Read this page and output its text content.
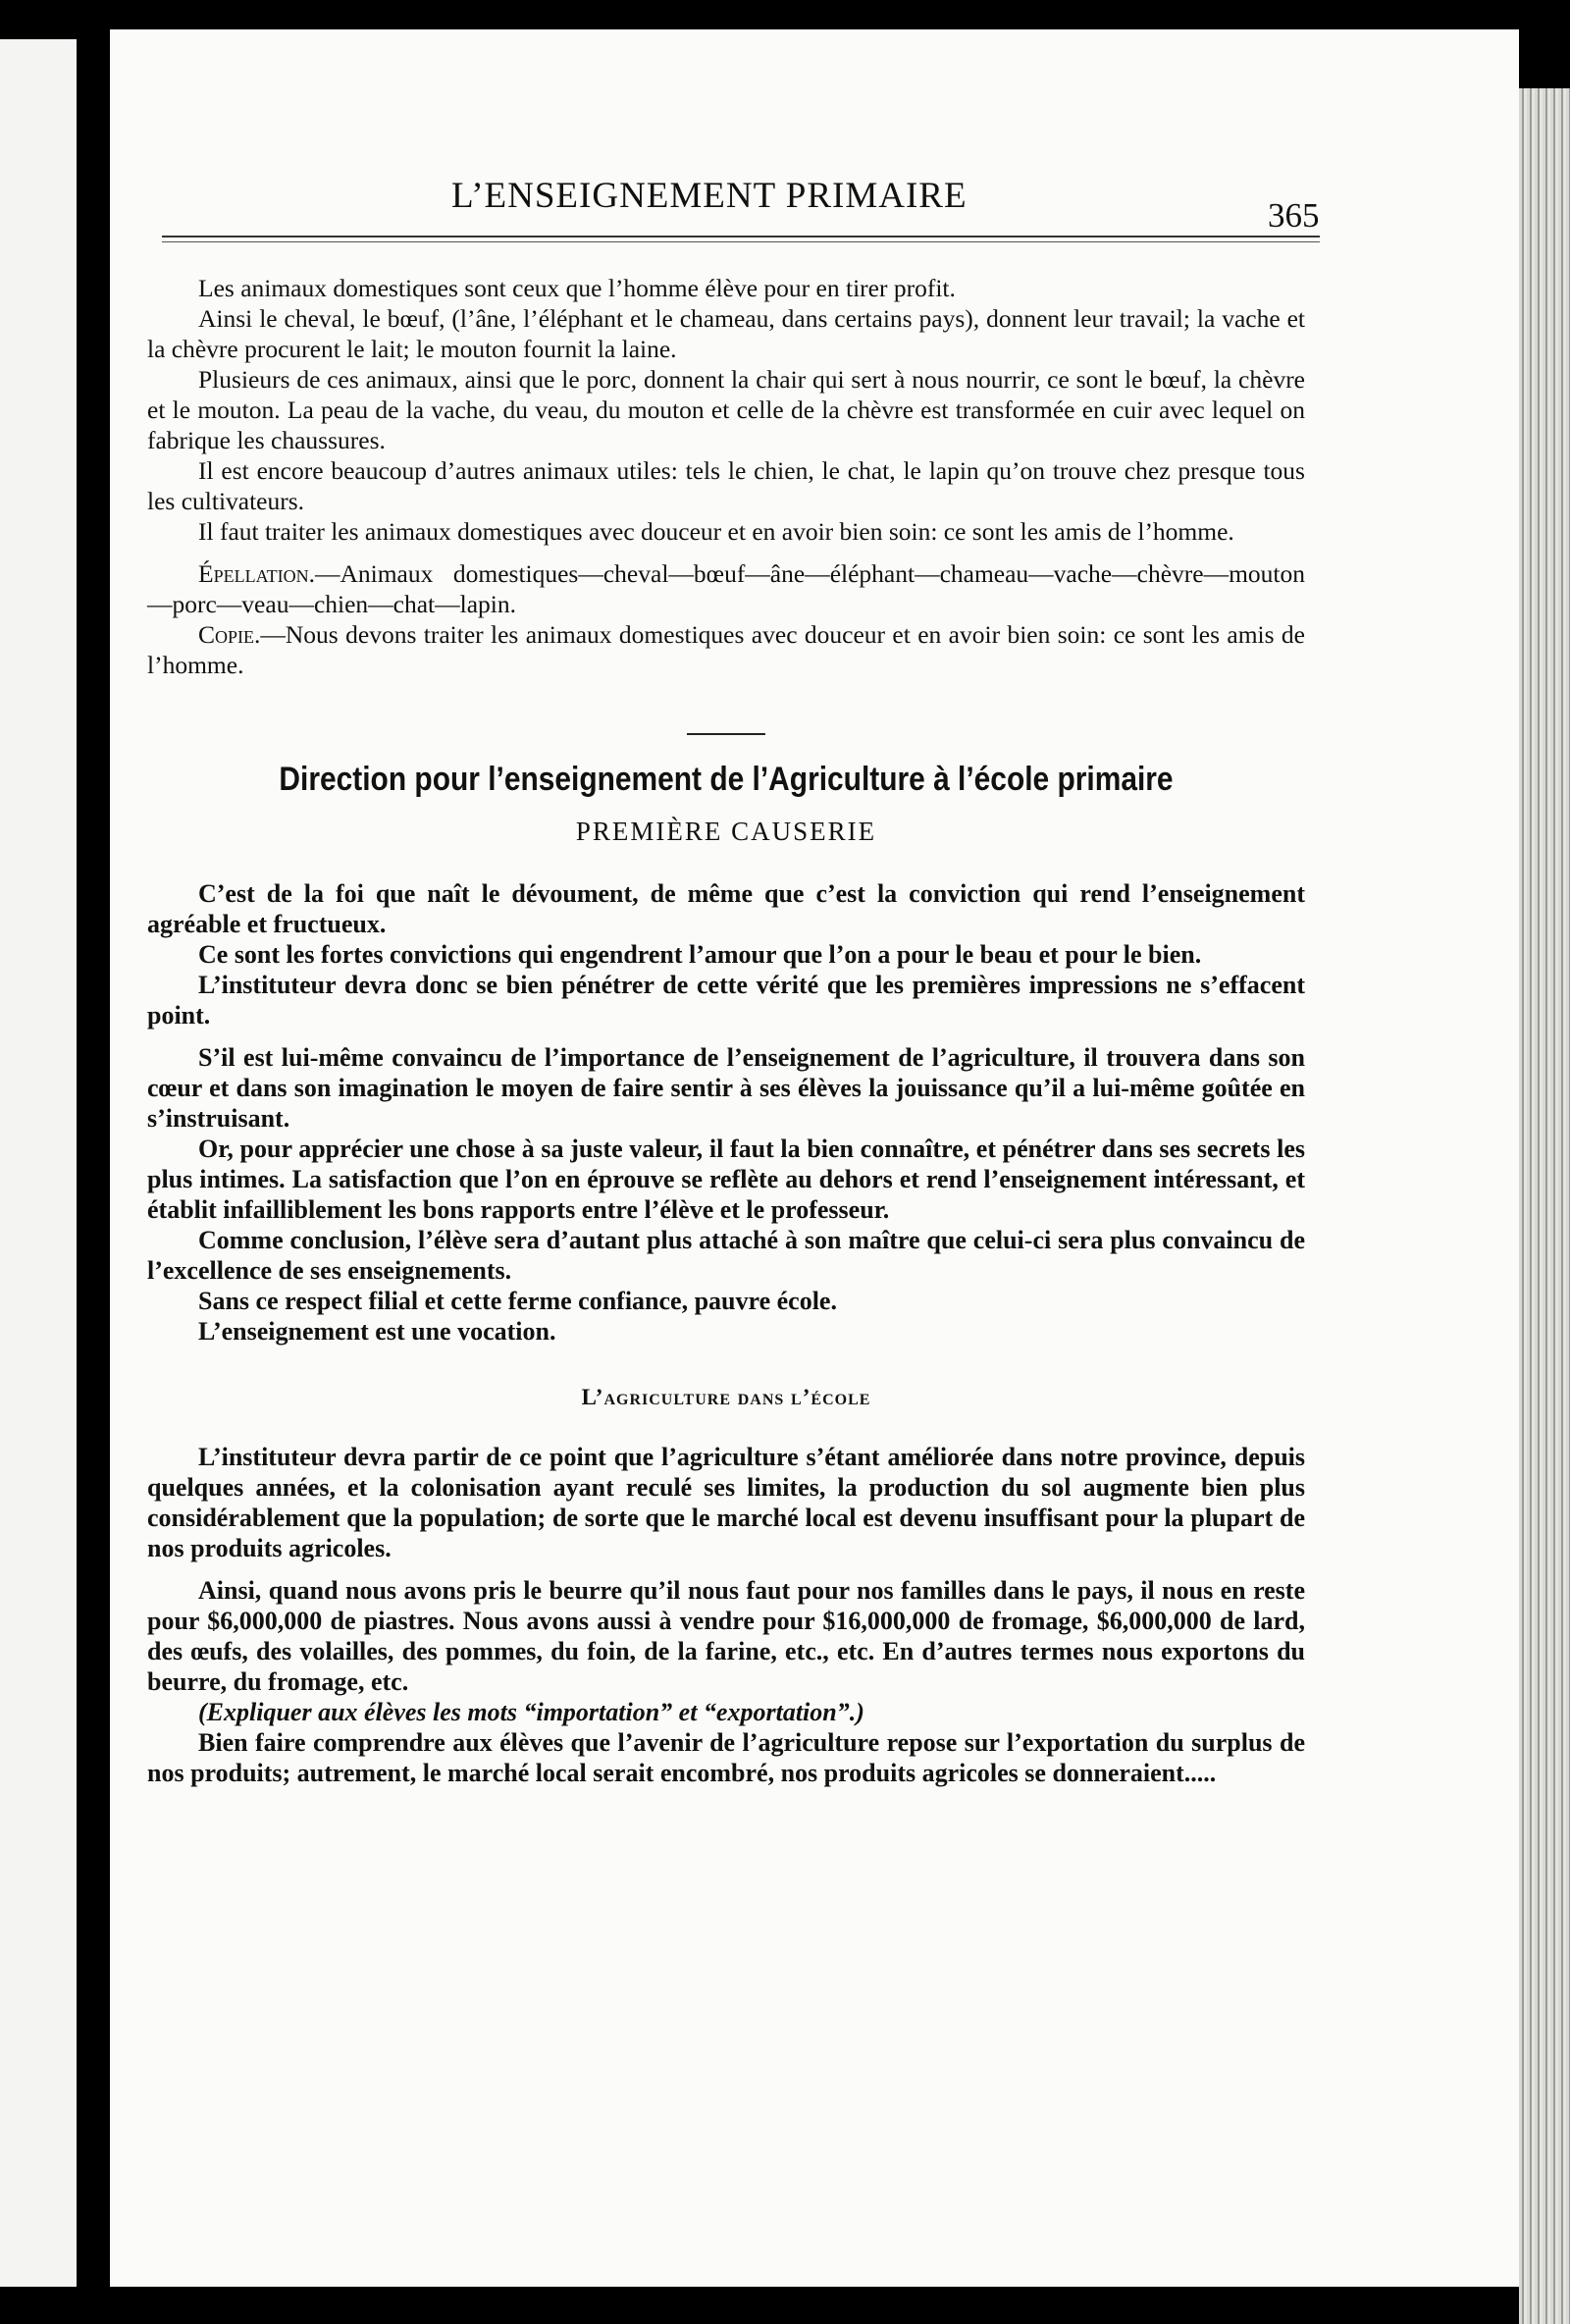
L’ENSEIGNEMENT PRIMAIRE	365

Les animaux domestiques sont ceux que l’homme élève pour en tirer profit.

Ainsi le cheval, le bœuf, (l’âne, l’éléphant et le chameau, dans certains pays), donnent leur travail; la vache et la chèvre procurent le lait; le mouton fournit la laine.

Plusieurs de ces animaux, ainsi que le porc, donnent la chair qui sert à nous nourrir, ce sont le bœuf, la chèvre et le mouton. La peau de la vache, du veau, du mouton et celle de la chèvre est transformée en cuir avec lequel on fabrique les chaussures.

Il est encore beaucoup d’autres animaux utiles: tels le chien, le chat, le lapin qu’on trouve chez presque tous les cultivateurs.

Il faut traiter les animaux domestiques avec douceur et en avoir bien soin: ce sont les amis de l’homme.

Épellation.—Animaux domestiques—cheval—bœuf—âne—éléphant—chameau—vache—chèvre—mouton—porc—veau—chien—chat—lapin.

Copie.—Nous devons traiter les animaux domestiques avec douceur et en avoir bien soin: ce sont les amis de l’homme.

Direction pour l’enseignement de l’Agriculture à l’école primaire
PREMIÈRE CAUSERIE

C’est de la foi que naît le dévoument, de même que c’est la conviction qui rend l’enseignement agréable et fructueux.

Ce sont les fortes convictions qui engendrent l’amour que l’on a pour le beau et pour le bien.

L’instituteur devra donc se bien pénétrer de cette vérité que les premières impressions ne s’effacent point.

S’il est lui-même convaincu de l’importance de l’enseignement de l’agriculture, il trouvera dans son cœur et dans son imagination le moyen de faire sentir à ses élèves la jouissance qu’il a lui-même goûtée en s’instruisant.

Or, pour apprécier une chose à sa juste valeur, il faut la bien connaître, et pénétrer dans ses secrets les plus intimes. La satisfaction que l’on en éprouve se reflète au dehors et rend l’enseignement intéressant, et établit infailliblement les bons rapports entre l’élève et le professeur.

Comme conclusion, l’élève sera d’autant plus attaché à son maître que celui-ci sera plus convaincu de l’excellence de ses enseignements.

Sans ce respect filial et cette ferme confiance, pauvre école.

L’enseignement est une vocation.

L’agriculture dans l’école

L’instituteur devra partir de ce point que l’agriculture s’étant améliorée dans notre province, depuis quelques années, et la colonisation ayant reculé ses limites, la production du sol augmente bien plus considérablement que la population; de sorte que le marché local est devenu insuffisant pour la plupart de nos produits agricoles.

Ainsi, quand nous avons pris le beurre qu’il nous faut pour nos familles dans le pays, il nous en reste pour $6,000,000 de piastres. Nous avons aussi à vendre pour $16,000,000 de fromage, $6,000,000 de lard, des œufs, des volailles, des pommes, du foin, de la farine, etc., etc. En d’autres termes nous exportons du beurre, du fromage, etc.

(Expliquer aux élèves les mots “importation” et “exportation”.)

Bien faire comprendre aux élèves que l’avenir de l’agriculture repose sur l’exportation du surplus de nos produits; autrement, le marché local serait encombré, nos produits agricoles se donneraient.....
